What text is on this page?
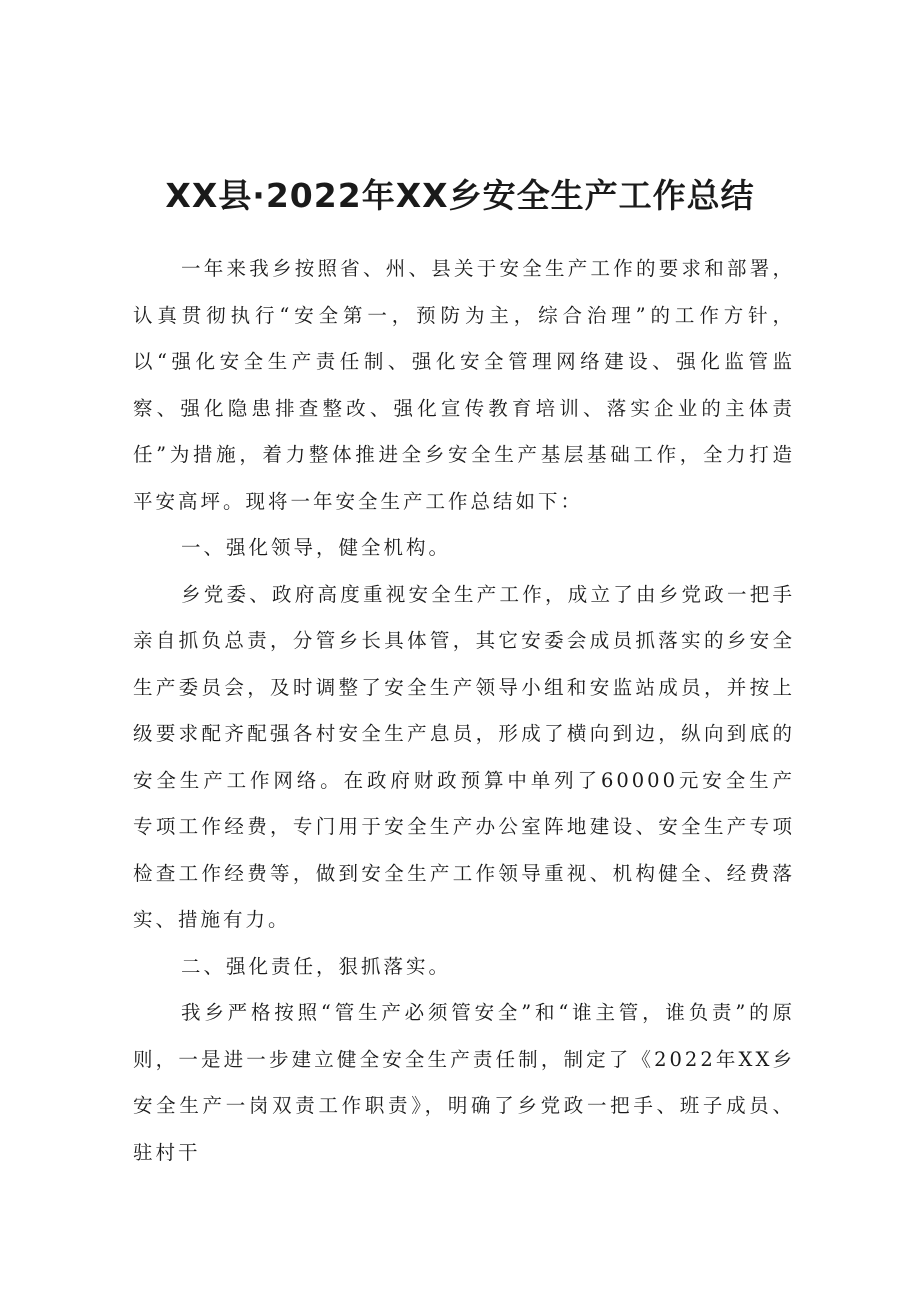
XX县·2022年XX乡安全生产工作总结

一年来我乡按照省、州、县关于安全生产工作的要求和部署，认真贯彻执行“安全第一，预防为主，综合治理”的工作方针，以“强化安全生产责任制、强化安全管理网络建设、强化监管监察、强化隐患排查整改、强化宣传教育培训、落实企业的主体责任”为措施，着力整体推进全乡安全生产基层基础工作，全力打造平安高坪。现将一年安全生产工作总结如下：

一、强化领导，健全机构。

乡党委、政府高度重视安全生产工作，成立了由乡党政一把手亲自抓负总责，分管乡长具体管，其它安委会成员抓落实的乡安全生产委员会，及时调整了安全生产领导小组和安监站成员，并按上级要求配齐配强各村安全生产息员，形成了横向到边，纵向到底的安全生产工作网络。在政府财政预算中单列了60000元安全生产专项工作经费，专门用于安全生产办公室阵地建设、安全生产专项检查工作经费等，做到安全生产工作领导重视、机构健全、经费落实、措施有力。

二、强化责任，狠抓落实。

我乡严格按照“管生产必须管安全”和“谁主管，谁负责”的原则，一是进一步建立健全安全生产责任制，制定了《2022年XX乡安全生产一岗双责工作职责》，明确了乡党政一把手、班子成员、驻村干
